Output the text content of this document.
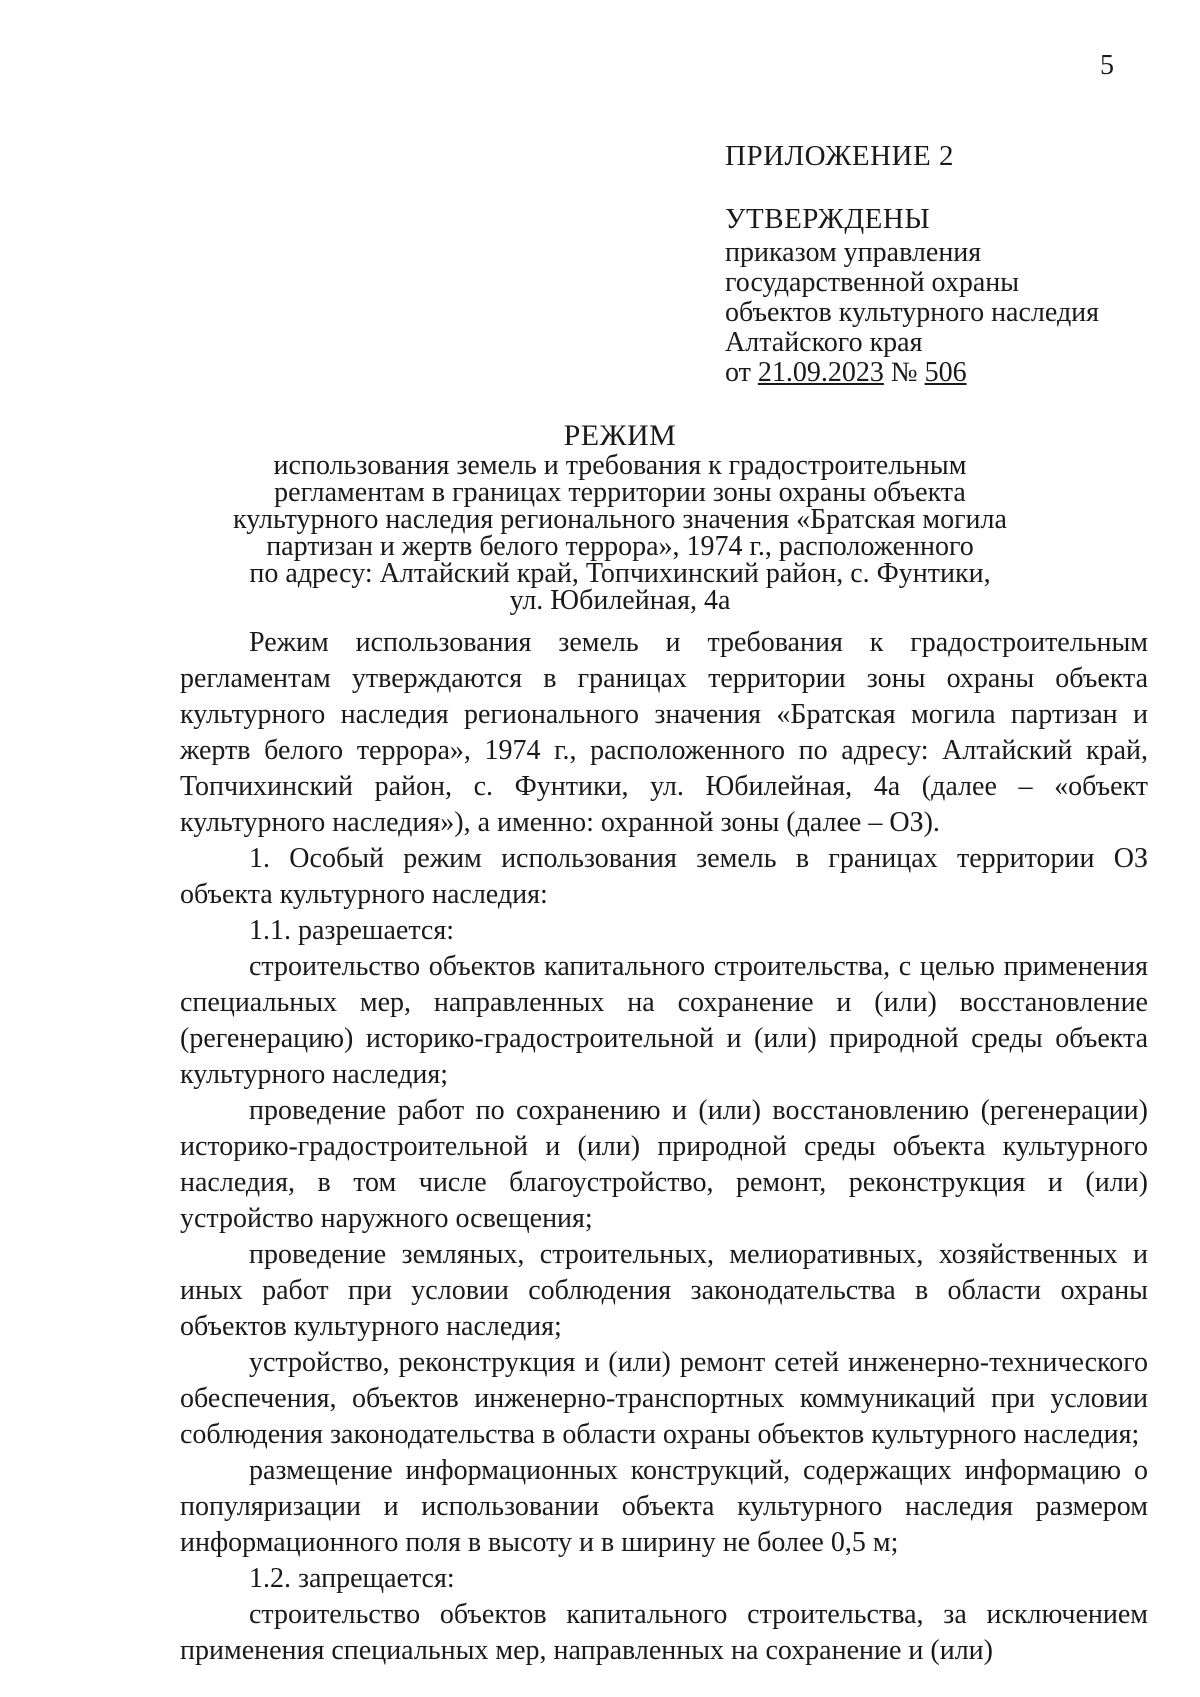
5
ПРИЛОЖЕНИЕ 2
УТВЕРЖДЕНЫ
приказом управления
государственной охраны
объектов культурного наследия
Алтайского края
от 21.09.2023 № 506
РЕЖИМ
использования земель и требования к градостроительным
регламентам в границах территории зоны охраны объекта
культурного наследия регионального значения «Братская могила
партизан и жертв белого террора», 1974 г., расположенного
по адресу: Алтайский край, Топчихинский район, с. Фунтики,
ул. Юбилейная, 4а

Режим использования земель и требования к градостроительным регламентам утверждаются в границах территории зоны охраны объекта культурного наследия регионального значения «Братская могила партизан и жертв белого террора», 1974 г., расположенного по адресу: Алтайский край, Топчихинский район, с. Фунтики, ул. Юбилейная, 4а (далее – «объект культурного наследия»), а именно: охранной зоны (далее – ОЗ).

1. Особый режим использования земель в границах территории ОЗ объекта культурного наследия:

1.1. разрешается:

строительство объектов капитального строительства, с целью применения специальных мер, направленных на сохранение и (или) восстановление (регенерацию) историко-градостроительной и (или) природной среды объекта культурного наследия;

проведение работ по сохранению и (или) восстановлению (регенерации) историко-градостроительной и (или) природной среды объекта культурного наследия, в том числе благоустройство, ремонт, реконструкция и (или) устройство наружного освещения;

проведение земляных, строительных, мелиоративных, хозяйственных и иных работ при условии соблюдения законодательства в области охраны объектов культурного наследия;

устройство, реконструкция и (или) ремонт сетей инженерно-технического обеспечения, объектов инженерно-транспортных коммуникаций при условии соблюдения законодательства в области охраны объектов культурного наследия;

размещение информационных конструкций, содержащих информацию о популяризации и использовании объекта культурного наследия размером информационного поля в высоту и в ширину не более 0,5 м;

1.2. запрещается:

строительство объектов капитального строительства, за исключением применения специальных мер, направленных на сохранение и (или)
